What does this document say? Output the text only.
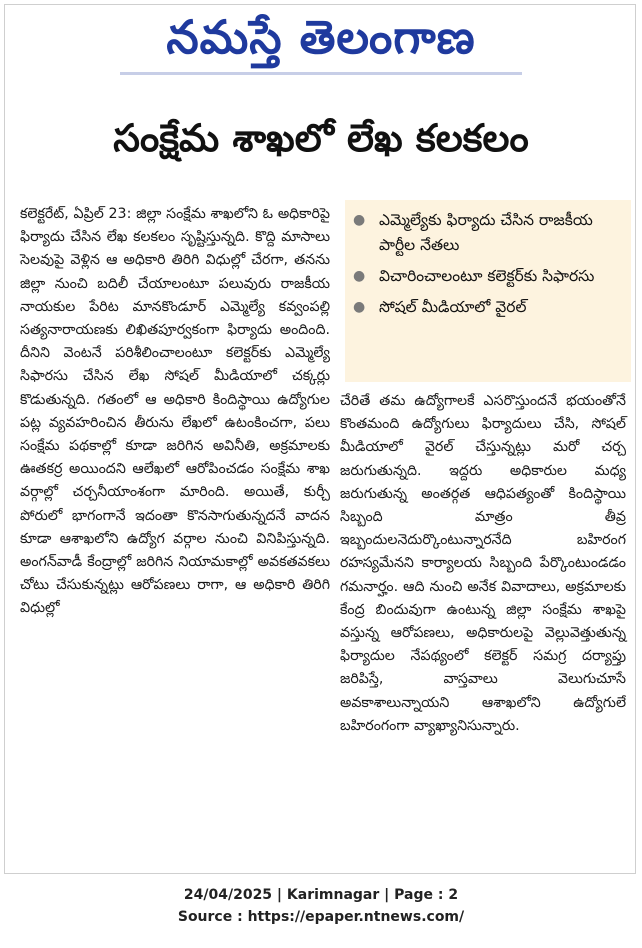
నమస్తే తెలంగాణ
సంక్షేమ శాఖలో లేఖ కలకలం

కలెక్టరేట్, ఏప్రిల్ 23: జిల్లా సంక్షేమ శాఖలోని ఓ అధికారిపై ఫిర్యాదు చేసిన లేఖ కలకలం సృష్టిస్తున్నది. కొద్ది మాసాలు సెలవుపై వెళ్లిన ఆ అధికారి తిరిగి విధుల్లో చేరగా, తనను జిల్లా నుంచి బదిలీ చేయాలంటూ పలువురు రాజకీయ నాయకుల పేరిట మానకొండూర్ ఎమ్మెల్యే కవ్వంపల్లి సత్యనారాయణకు లిఖితపూర్వకంగా ఫిర్యాదు అందింది. దీనిని వెంటనే పరిశీలించాలంటూ కలెక్టర్‌కు ఎమ్మెల్యే సిఫారసు చేసిన లేఖ సోషల్ మీడియాలో చక్కర్లు కొడుతున్నది. గతంలో ఆ అధికారి కిందిస్థాయి ఉద్యోగుల పట్ల వ్యవహరించిన తీరును లేఖలో ఉటంకించగా, పలు సంక్షేమ పథకాల్లో కూడా జరిగిన అవినీతి, అక్రమాలకు ఊతకర్ర అయిందని ఆలేఖలో ఆరోపించడం సంక్షేమ శాఖ వర్గాల్లో చర్చనీయాంశంగా మారింది. అయితే, కుర్చీ పోరులో భాగంగానే ఇదంతా కొనసాగుతున్నదనే వాదన కూడా ఆశాఖలోని ఉద్యోగ వర్గాల నుంచి వినిపిస్తున్నది. అంగన్‌వాడీ కేంద్రాల్లో జరిగిన నియామకాల్లో అవకతవకలు చోటు చేసుకున్నట్లు ఆరోపణలు రాగా, ఆ అధికారి తిరిగి విధుల్లో

● ఎమ్మెల్యేకు ఫిర్యాదు చేసిన రాజకీయ పార్టీల నేతలు
● విచారించాలంటూ కలెక్టర్‌కు సిఫారసు
● సోషల్ మీడియాలో వైరల్

చేరితే తమ ఉద్యోగాలకే ఎసరొస్తుందనే భయంతోనే కొంతమంది ఉద్యోగులు ఫిర్యాదులు చేసి, సోషల్ మీడియాలో వైరల్ చేస్తున్నట్లు మరో చర్చ జరుగుతున్నది. ఇద్దరు అధికారుల మధ్య జరుగుతున్న అంతర్గత ఆధిపత్యంతో కిందిస్థాయి సిబ్బంది మాత్రం తీవ్ర ఇబ్బందులనెదుర్కొంటున్నారనేది బహిరంగ రహస్యమేనని కార్యాలయ సిబ్బంది పేర్కొంటుండడం గమనార్హం. ఆది నుంచి అనేక వివాదాలు, అక్రమాలకు కేంద్ర బిందువుగా ఉంటున్న జిల్లా సంక్షేమ శాఖపై వస్తున్న ఆరోపణలు, అధికారులపై వెల్లువెత్తుతున్న ఫిర్యాదుల నేపథ్యంలో కలెక్టర్ సమగ్ర దర్యాప్తు జరిపిస్తే, వాస్తవాలు వెలుగుచూసే అవకాశాలున్నాయని ఆశాఖలోని ఉద్యోగులే బహిరంగంగా వ్యాఖ్యానిసున్నారు.

24/04/2025 | Karimnagar | Page : 2
Source : https://epaper.ntnews.com/
